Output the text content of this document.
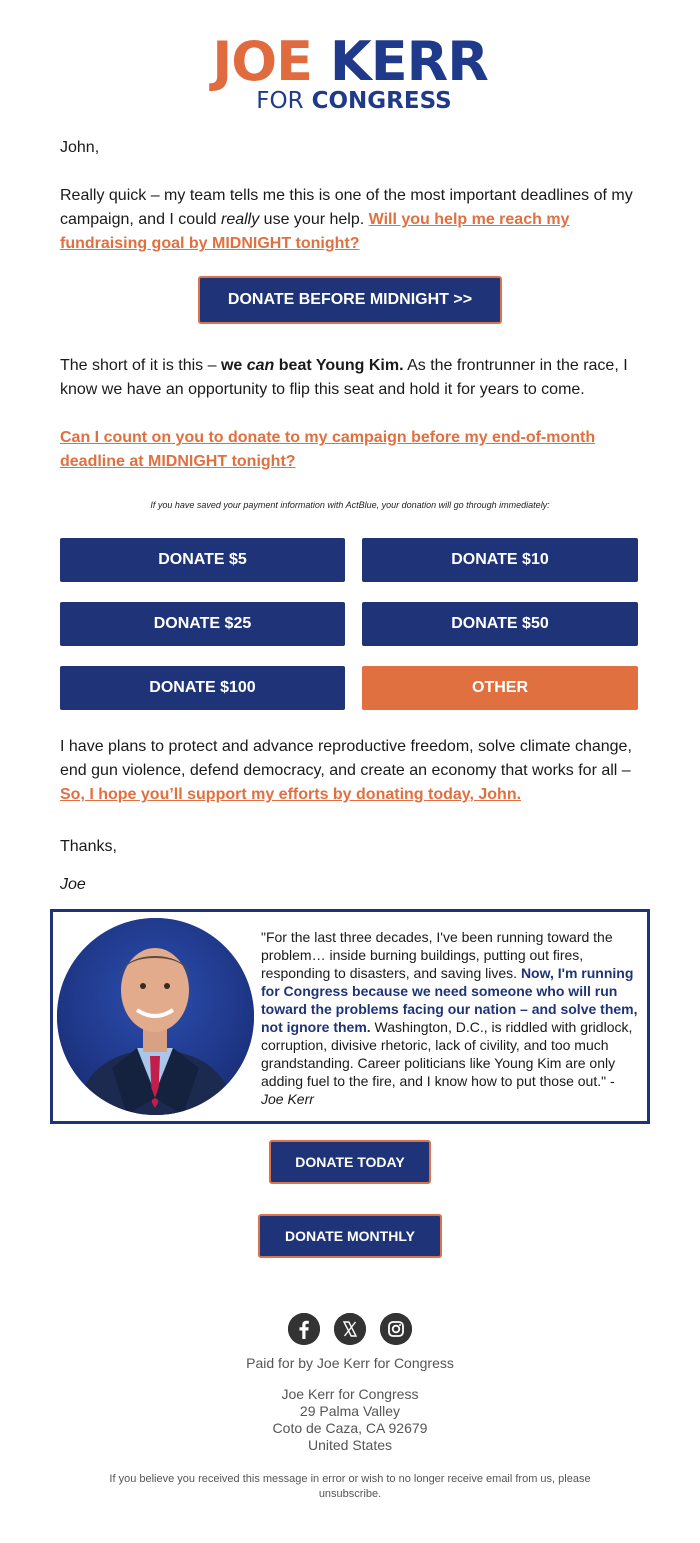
JOE KERR
FOR CONGRESS
John,
Really quick – my team tells me this is one of the most important deadlines of my campaign, and I could really use your help. Will you help me reach my fundraising goal by MIDNIGHT tonight?
DONATE BEFORE MIDNIGHT >>
The short of it is this – we can beat Young Kim. As the frontrunner in the race, I know we have an opportunity to flip this seat and hold it for years to come.
Can I count on you to donate to my campaign before my end-of-month deadline at MIDNIGHT tonight?
If you have saved your payment information with ActBlue, your donation will go through immediately:
DONATE $5	DONATE $10
DONATE $25	DONATE $50
DONATE $100	OTHER
I have plans to protect and advance reproductive freedom, solve climate change, end gun violence, defend democracy, and create an economy that works for all – So, I hope you’ll support my efforts by donating today, John.
Thanks,
Joe
"For the last three decades, I've been running toward the problem… inside burning buildings, putting out fires, responding to disasters, and saving lives. Now, I'm running for Congress because we need someone who will run toward the problems facing our nation – and solve them, not ignore them. Washington, D.C., is riddled with gridlock, corruption, divisive rhetoric, lack of civility, and too much grandstanding. Career politicians like Young Kim are only adding fuel to the fire, and I know how to put those out." - Joe Kerr
DONATE TODAY
DONATE MONTHLY
Paid for by Joe Kerr for Congress
Joe Kerr for Congress
29 Palma Valley
Coto de Caza, CA 92679
United States
If you believe you received this message in error or wish to no longer receive email from us, please
unsubscribe.
